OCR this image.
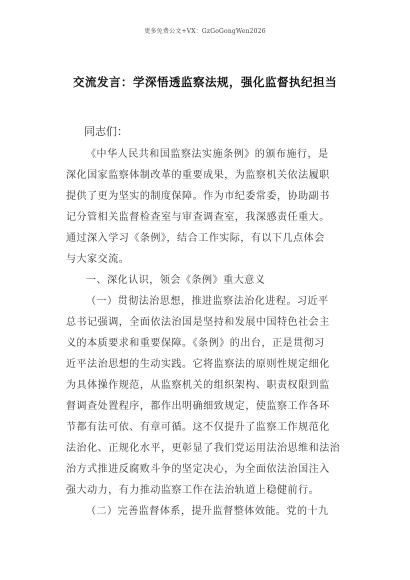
更多免费公文+VX：GzGoGongWen2026
交流发言：学深悟透监察法规，强化监督执纪担当
同志们：
《中华人民共和国监察法实施条例》的颁布施行，是
深化国家监察体制改革的重要成果，为监察机关依法履职
提供了更为坚实的制度保障。作为市纪委常委，协助副书
记分管相关监督检查室与审查调查室，我深感责任重大。
通过深入学习《条例》，结合工作实际，有以下几点体会
与大家交流。
一、深化认识，领会《条例》重大意义
（一）贯彻法治思想，推进监察法治化进程。习近平
总书记强调，全面依法治国是坚持和发展中国特色社会主
义的本质要求和重要保障。《条例》的出台，正是贯彻习
近平法治思想的生动实践。它将监察法的原则性规定细化
为具体操作规范，从监察机关的组织架构、职责权限到监
督调查处置程序，都作出明确细致规定，使监察工作各环
节都有法可依、有章可循。这不仅提升了监察工作规范化
法治化、正规化水平，更彰显了我们党运用法治思维和法治
治方式推进反腐败斗争的坚定决心，为全面依法治国注入
强大动力，有力推动监察工作在法治轨道上稳健前行。
（二）完善监督体系，提升监督整体效能。党的十九
